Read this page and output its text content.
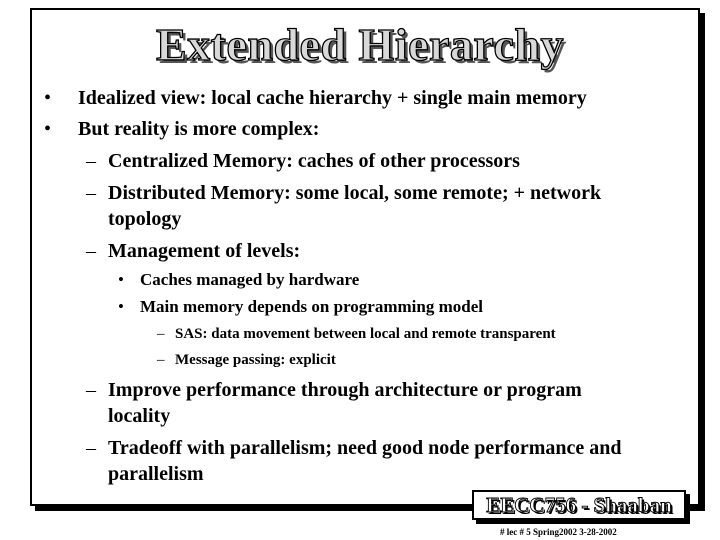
Extended Hierarchy
• Idealized view: local cache hierarchy + single main memory

• But reality is more complex:

– Centralized Memory: caches of other processors

– Distributed Memory: some local, some remote; + network

topology

– Management of levels:

• Caches managed by hardware

• Main memory depends on programming model

– SAS: data movement between local and remote transparent

– Message passing: explicit

– Improve performance through architecture or program

locality

– Tradeoff with parallelism; need good node performance and

parallelism

EECC756 - Shaaban
# lec # 5 Spring2002 3-28-2002
